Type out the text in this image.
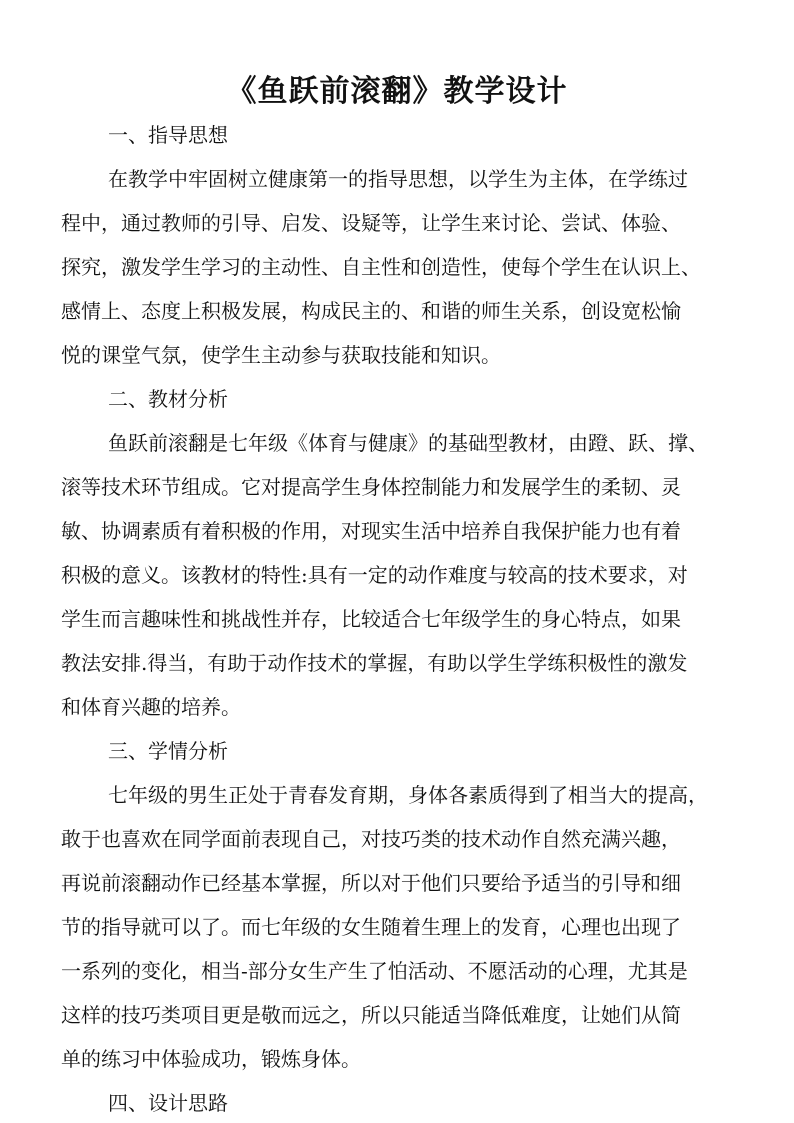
《鱼跃前滚翻》教学设计
一、指导思想
在教学中牢固树立健康第一的指导思想，以学生为主体，在学练过
程中，通过教师的引导、启发、设疑等，让学生来讨论、尝试、体验、
探究，激发学生学习的主动性、自主性和创造性，使每个学生在认识上、
感情上、态度上积极发展，构成民主的、和谐的师生关系，创设宽松愉
悦的课堂气氛，使学生主动参与获取技能和知识。
二、教材分析
鱼跃前滚翻是七年级《体育与健康》的基础型教材，由蹬、跃、撑、
滚等技术环节组成。它对提高学生身体控制能力和发展学生的柔韧、灵
敏、协调素质有着积极的作用，对现实生活中培养自我保护能力也有着
积极的意义。该教材的特性:具有一定的动作难度与较高的技术要求，对
学生而言趣味性和挑战性并存，比较适合七年级学生的身心特点，如果
教法安排.得当，有助于动作技术的掌握，有助以学生学练积极性的激发
和体育兴趣的培养。
三、学情分析
七年级的男生正处于青春发育期，身体各素质得到了相当大的提高，
敢于也喜欢在同学面前表现自己，对技巧类的技术动作自然充满兴趣，
再说前滚翻动作已经基本掌握，所以对于他们只要给予适当的引导和细
节的指导就可以了。而七年级的女生随着生理上的发育，心理也出现了
一系列的变化，相当-部分女生产生了怕活动、不愿活动的心理，尤其是
这样的技巧类项目更是敬而远之，所以只能适当降低难度，让她们从简
单的练习中体验成功，锻炼身体。
四、设计思路
